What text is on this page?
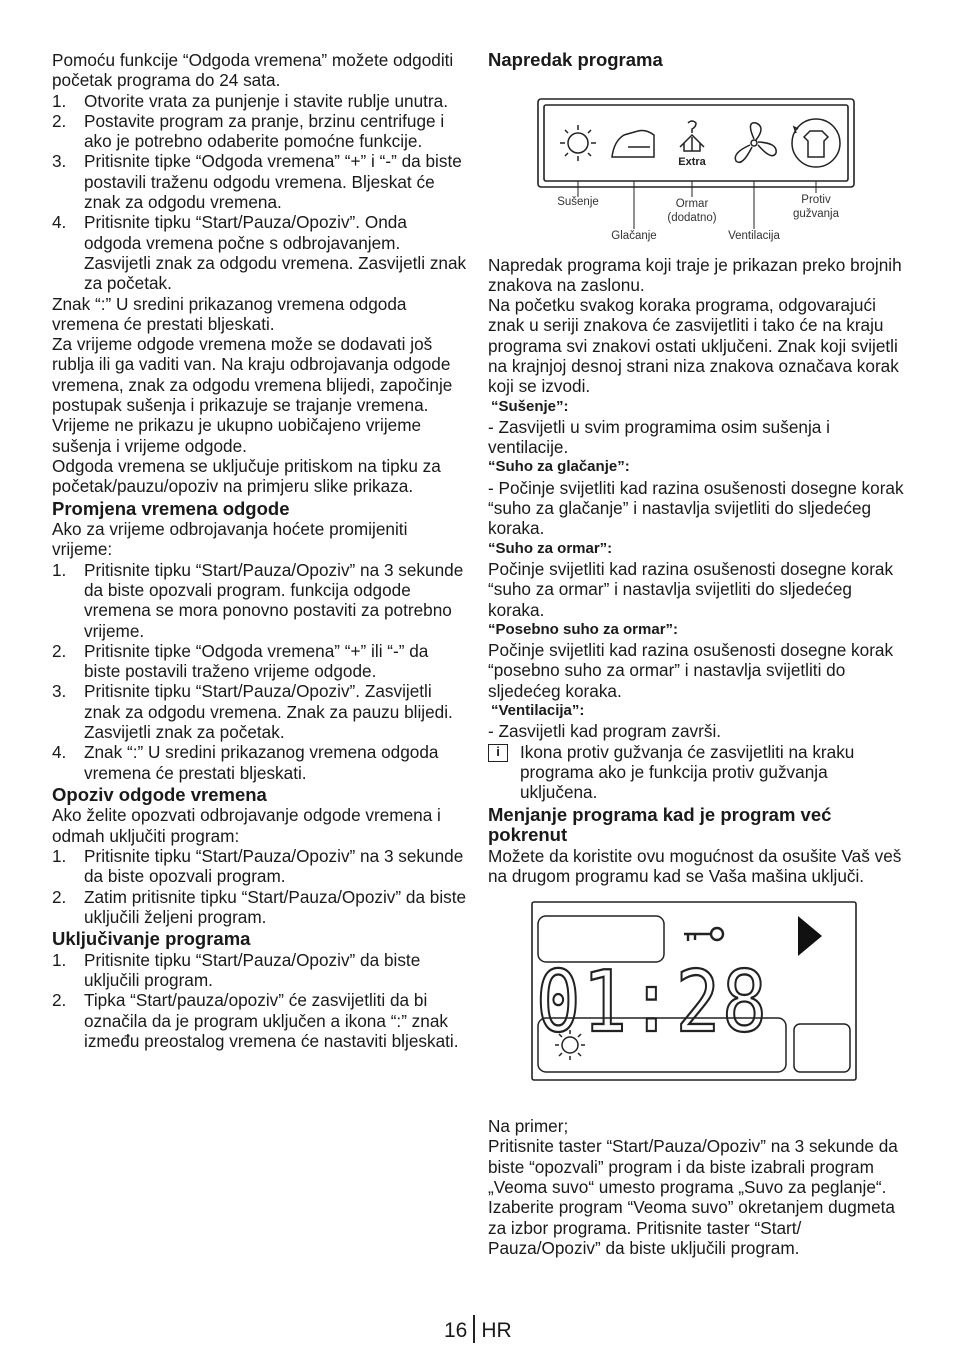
Pomoću funkcije “Odgoda vremena” možete odgoditi početak programa do 24 sata.

1.	Otvorite vrata za punjenje i stavite rublje unutra.
2.	Postavite program za pranje, brzinu centrifuge i ako je potrebno odaberite pomoćne funkcije.
3.	Pritisnite tipke “Odgoda vremena” “+” i “-” da biste postavili traženu odgodu vremena. Bljeskat će znak za odgodu vremena.
4.	Pritisnite tipku “Start/Pauza/Opoziv”. Onda odgoda vremena počne s odbrojavanjem. Zasvijetli znak za odgodu vremena. Zasvijetli znak za početak.

Znak “:” U sredini prikazanog vremena odgoda vremena će prestati bljeskati.

Za vrijeme odgode vremena može se dodavati još rublja ili ga vaditi van. Na kraju odbrojavanja odgode vremena, znak za odgodu vremena blijedi, započinje postupak sušenja i prikazuje se trajanje vremena. Vrijeme ne prikazu je ukupno uobičajeno vrijeme sušenja i vrijeme odgode.

Odgoda vremena se uključuje pritiskom na tipku za početak/pauzu/opoziv na primjeru slike prikaza.

Promjena vremena odgode

Ako za vrijeme odbrojavanja hoćete promijeniti vrijeme:

1.	Pritisnite tipku “Start/Pauza/Opoziv” na 3 sekunde da biste opozvali program. funkcija odgode vremena se mora ponovno postaviti za potrebno vrijeme.
2.	Pritisnite tipke “Odgoda vremena” “+” ili “-” da biste postavili traženo vrijeme odgode.
3.	Pritisnite tipku “Start/Pauza/Opoziv”. Zasvijetli znak za odgodu vremena. Znak za pauzu blijedi. Zasvijetli znak za početak.
4.	Znak “:” U sredini prikazanog vremena odgoda vremena će prestati bljeskati.

Opoziv odgode vremena

Ako želite opozvati odbrojavanje odgode vremena i odmah uključiti program:

1.	Pritisnite tipku “Start/Pauza/Opoziv” na 3 sekunde da biste opozvali program.
2.	Zatim pritisnite tipku “Start/Pauza/Opoziv” da biste uključili željeni program.

Uključivanje programa

1.	Pritisnite tipku “Start/Pauza/Opoziv” da biste uključili program.
2.	Tipka “Start/pauza/opoziv” će zasvijetliti da bi označila da je program uključen a ikona “:” znak između preostalog vremena će nastaviti bljeskati.

Napredak programa

Extra
Sušenje
Glačanje
Ormar
(dodatno)
Ventilacija
Protiv
gužvanja

Napredak programa koji traje je prikazan preko brojnih znakova na zaslonu.

Na početku svakog koraka programa, odgovarajući znak u seriji znakova će zasvijetliti i tako će na kraju programa svi znakovi ostati uključeni. Znak koji svijetli na krajnjoj desnoj strani niza znakova označava korak koji se izvodi.

“Sušenje”:

- Zasvijetli u svim programima osim sušenja i ventilacije.

“Suho za glačanje”:

- Počinje svijetliti kad razina osušenosti dosegne korak “suho za glačanje” i nastavlja svijetliti do sljedećeg koraka.

“Suho za ormar”:

Počinje svijetliti kad razina osušenosti dosegne korak “suho za ormar” i nastavlja svijetliti do sljedećeg koraka.

“Posebno suho za ormar”:

Počinje svijetliti kad razina osušenosti dosegne korak “posebno suho za ormar” i nastavlja svijetliti do sljedećeg koraka.

“Ventilacija”:

- Zasvijetli kad program završi.

i	Ikona protiv gužvanja će zasvijetliti na kraku programa ako je funkcija protiv gužvanja uključena.

Menjanje programa kad je program već pokrenut

Možete da koristite ovu mogućnost da osušite Vaš veš na drugom programu kad se Vaša mašina uključi.

01:28

Na primer;

Pritisnite taster “Start/Pauza/Opoziv” na 3 sekunde da biste “opozvali” program i da biste izabrali program „Veoma suvo“ umesto programa „Suvo za peglanje“. Izaberite program “Veoma suvo” okretanjem dugmeta za izbor programa. Pritisnite taster “Start/ Pauza/Opoziv” da biste uključili program.

16 HR
